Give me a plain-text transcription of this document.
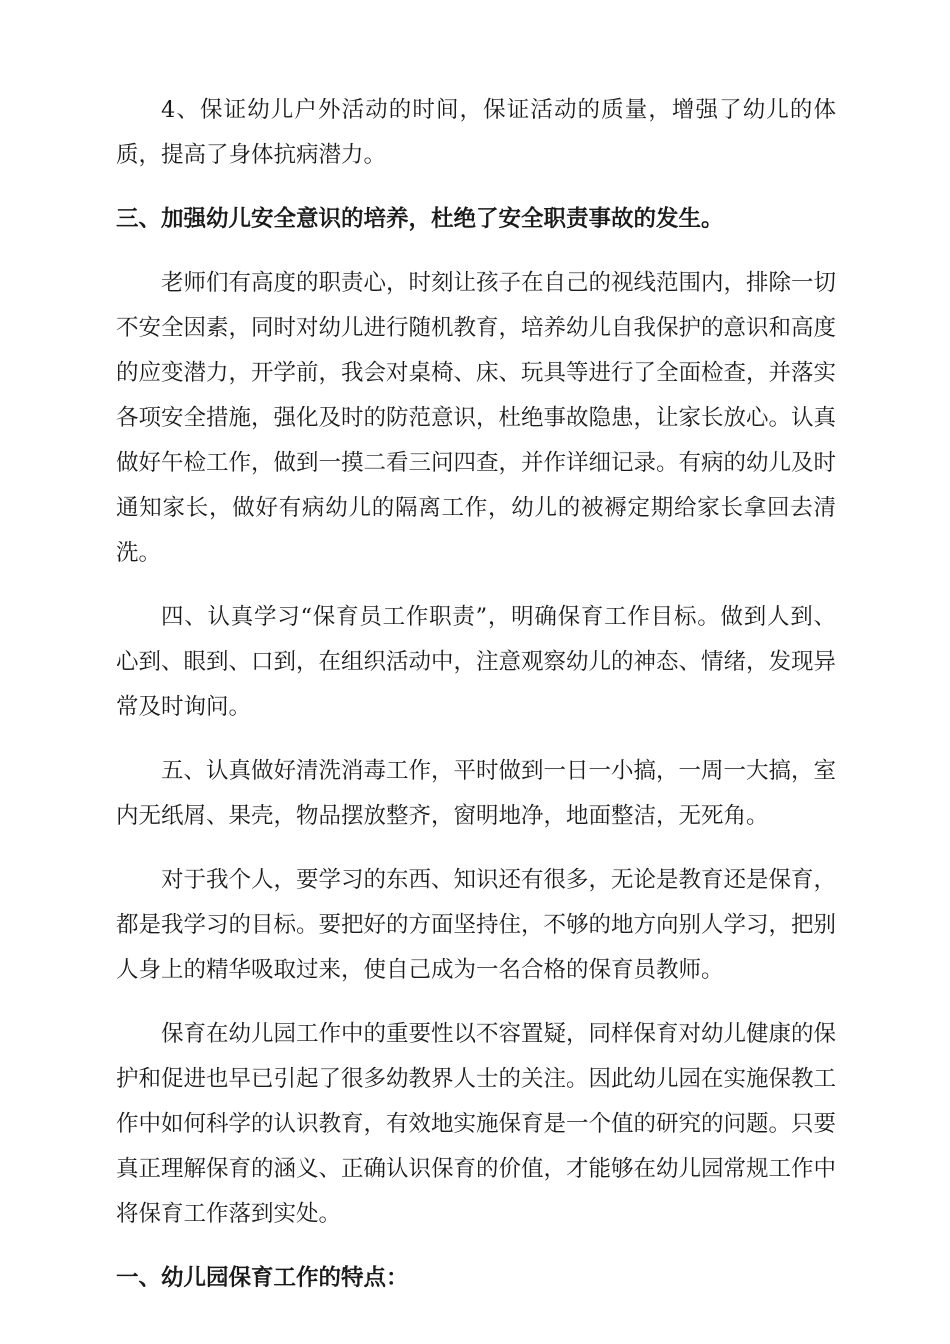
4、保证幼儿户外活动的时间，保证活动的质量，增强了幼儿的体质，提高了身体抗病潜力。

三、加强幼儿安全意识的培养，杜绝了安全职责事故的发生。

老师们有高度的职责心，时刻让孩子在自己的视线范围内，排除一切不安全因素，同时对幼儿进行随机教育，培养幼儿自我保护的意识和高度的应变潜力，开学前，我会对桌椅、床、玩具等进行了全面检查，并落实各项安全措施，强化及时的防范意识，杜绝事故隐患，让家长放心。认真做好午检工作，做到一摸二看三问四查，并作详细记录。有病的幼儿及时通知家长，做好有病幼儿的隔离工作，幼儿的被褥定期给家长拿回去清洗。

四、认真学习“保育员工作职责”，明确保育工作目标。做到人到、心到、眼到、口到，在组织活动中，注意观察幼儿的神态、情绪，发现异常及时询问。

五、认真做好清洗消毒工作，平时做到一日一小搞，一周一大搞，室内无纸屑、果壳，物品摆放整齐，窗明地净，地面整洁，无死角。

对于我个人，要学习的东西、知识还有很多，无论是教育还是保育，都是我学习的目标。要把好的方面坚持住，不够的地方向别人学习，把别人身上的精华吸取过来，使自己成为一名合格的保育员教师。

保育在幼儿园工作中的重要性以不容置疑，同样保育对幼儿健康的保护和促进也早已引起了很多幼教界人士的关注。因此幼儿园在实施保教工作中如何科学的认识教育，有效地实施保育是一个值的研究的问题。只要真正理解保育的涵义、正确认识保育的价值，才能够在幼儿园常规工作中将保育工作落到实处。

一、幼儿园保育工作的特点：
